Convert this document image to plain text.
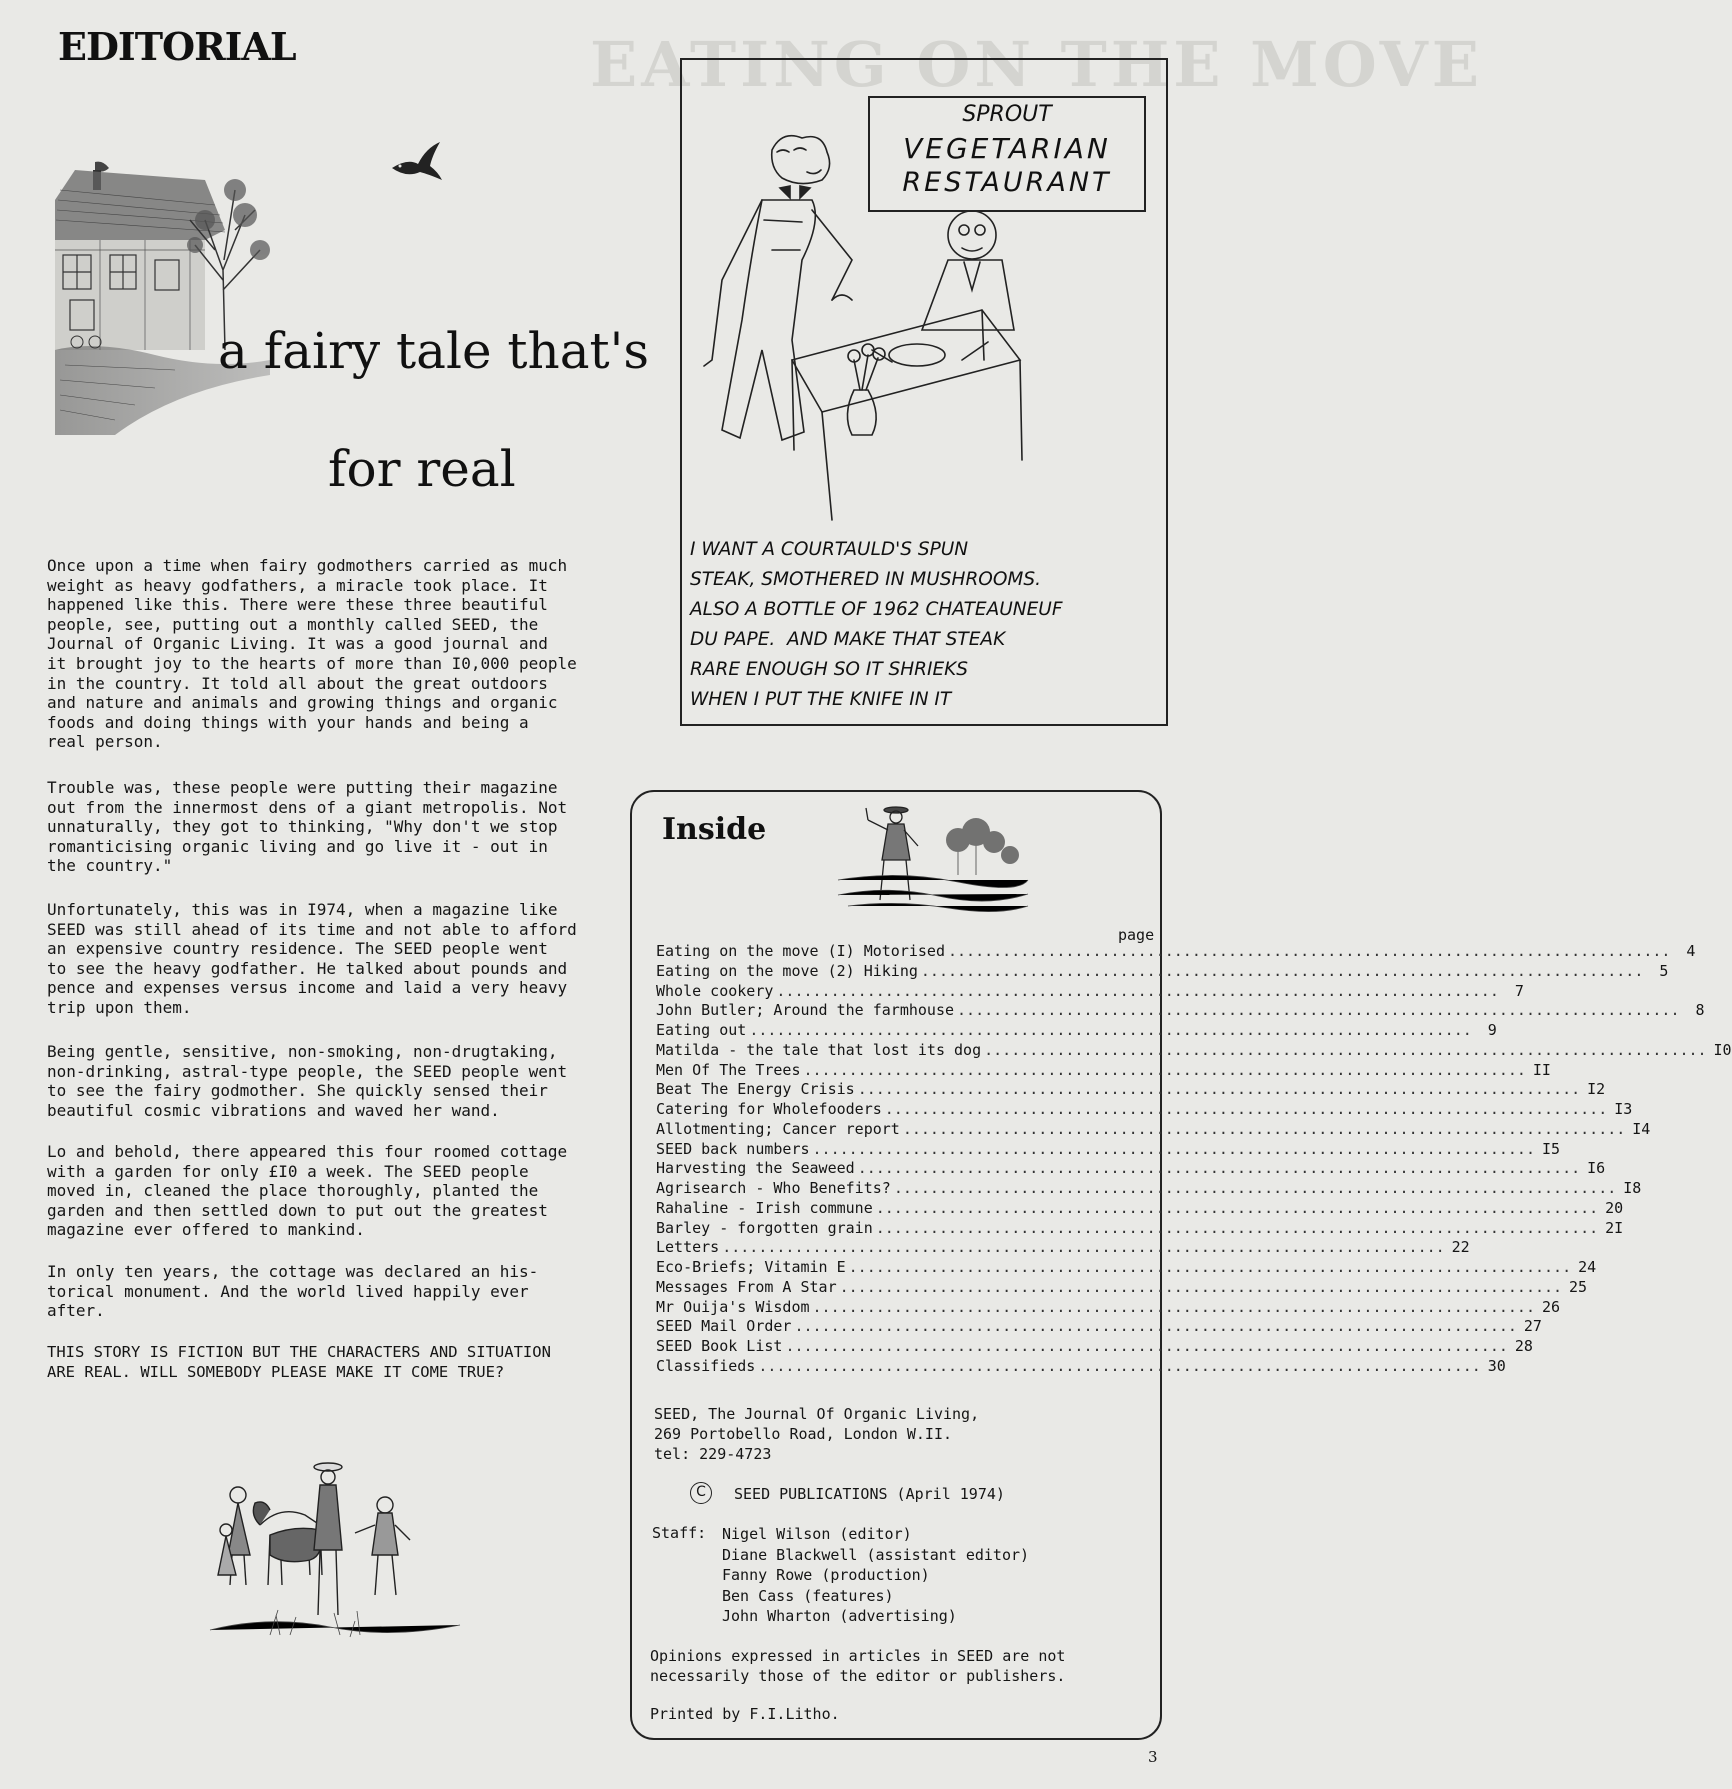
EATING ON THE MOVE
EDITORIAL
a fairy tale that's
for real
Once upon a time when fairy godmothers carried as much
weight as heavy godfathers, a miracle took place. It
happened like this. There were these three beautiful
people, see, putting out a monthly called SEED, the
Journal of Organic Living. It was a good journal and
it brought joy to the hearts of more than I0,000 people
in the country. It told all about the great outdoors
and nature and animals and growing things and organic
foods and doing things with your hands and being a
real person.
Trouble was, these people were putting their magazine
out from the innermost dens of a giant metropolis. Not
unnaturally, they got to thinking, "Why don't we stop
romanticising organic living and go live it - out in
the country."
Unfortunately, this was in I974, when a magazine like
SEED was still ahead of its time and not able to afford
an expensive country residence. The SEED people went
to see the heavy godfather. He talked about pounds and
pence and expenses versus income and laid a very heavy
trip upon them.
Being gentle, sensitive, non-smoking, non-drugtaking,
non-drinking, astral-type people, the SEED people went
to see the fairy godmother. She quickly sensed their
beautiful cosmic vibrations and waved her wand.
Lo and behold, there appeared this four roomed cottage
with a garden for only £I0 a week. The SEED people
moved in, cleaned the place thoroughly, planted the
garden and then settled down to put out the greatest
magazine ever offered to mankind.
In only ten years, the cottage was declared an his-
torical monument. And the world lived happily ever
after.
THIS STORY IS FICTION BUT THE CHARACTERS AND SITUATION
ARE REAL. WILL SOMEBODY PLEASE MAKE IT COME TRUE?
SPROUT
VEGETARIAN
RESTAURANT
I WANT A COURTAULD'S SPUN
STEAK, SMOTHERED IN MUSHROOMS.
ALSO A BOTTLE OF 1962 CHATEAUNEUF
DU PAPE.  AND MAKE THAT STEAK
RARE ENOUGH SO IT SHRIEKS
WHEN I PUT THE KNIFE IN IT
Inside
page
Eating on the move (I) Motorised ................................................................................	4
Eating on the move (2) Hiking ................................................................................	5
Whole cookery ................................................................................	7
John Butler; Around the farmhouse ................................................................................	8
Eating out ................................................................................	9
Matilda - the tale that lost its dog ................................................................................ I0
Men Of The Trees ................................................................................ II
Beat The Energy Crisis ................................................................................ I2
Catering for Wholefooders ................................................................................ I3
Allotmenting; Cancer report ................................................................................ I4
SEED back numbers ................................................................................ I5
Harvesting the Seaweed ................................................................................ I6
Agrisearch - Who Benefits? ................................................................................ I8
Rahaline - Irish commune ................................................................................ 20
Barley - forgotten grain ................................................................................ 2I
Letters ................................................................................ 22
Eco-Briefs; Vitamin E ................................................................................ 24
Messages From A Star ................................................................................ 25
Mr Ouija's Wisdom ................................................................................ 26
SEED Mail Order ................................................................................ 27
SEED Book List ................................................................................ 28
Classifieds ................................................................................ 30
SEED, The Journal Of Organic Living,
269 Portobello Road, London W.II.
tel: 229-4723
C	SEED PUBLICATIONS (April 1974)
Staff: Nigel Wilson (editor)
Diane Blackwell (assistant editor)
Fanny Rowe (production)
Ben Cass (features)
John Wharton (advertising)
Opinions expressed in articles in SEED are not
necessarily those of the editor or publishers.
Printed by F.I.Litho.
3
